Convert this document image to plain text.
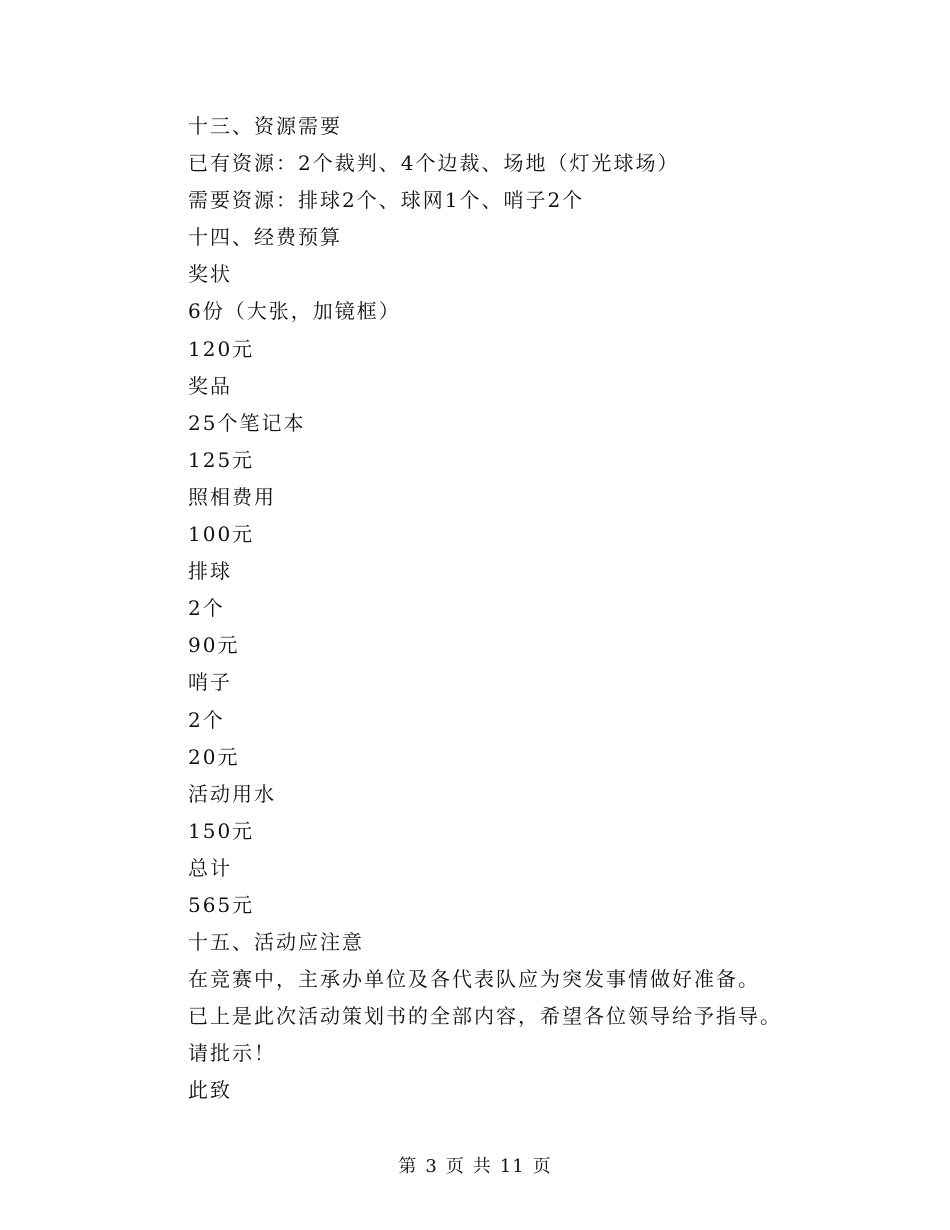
十三、资源需要
已有资源：2个裁判、4个边裁、场地（灯光球场）
需要资源：排球2个、球网1个、哨子2个
十四、经费预算
奖状
6份（大张，加镜框）
120元
奖品
25个笔记本
125元
照相费用
100元
排球
2个
90元
哨子
2个
20元
活动用水
150元
总计
565元
十五、活动应注意
在竞赛中，主承办单位及各代表队应为突发事情做好准备。
已上是此次活动策划书的全部内容，希望各位领导给予指导。
请批示！
此致
第 3 页 共 11 页
